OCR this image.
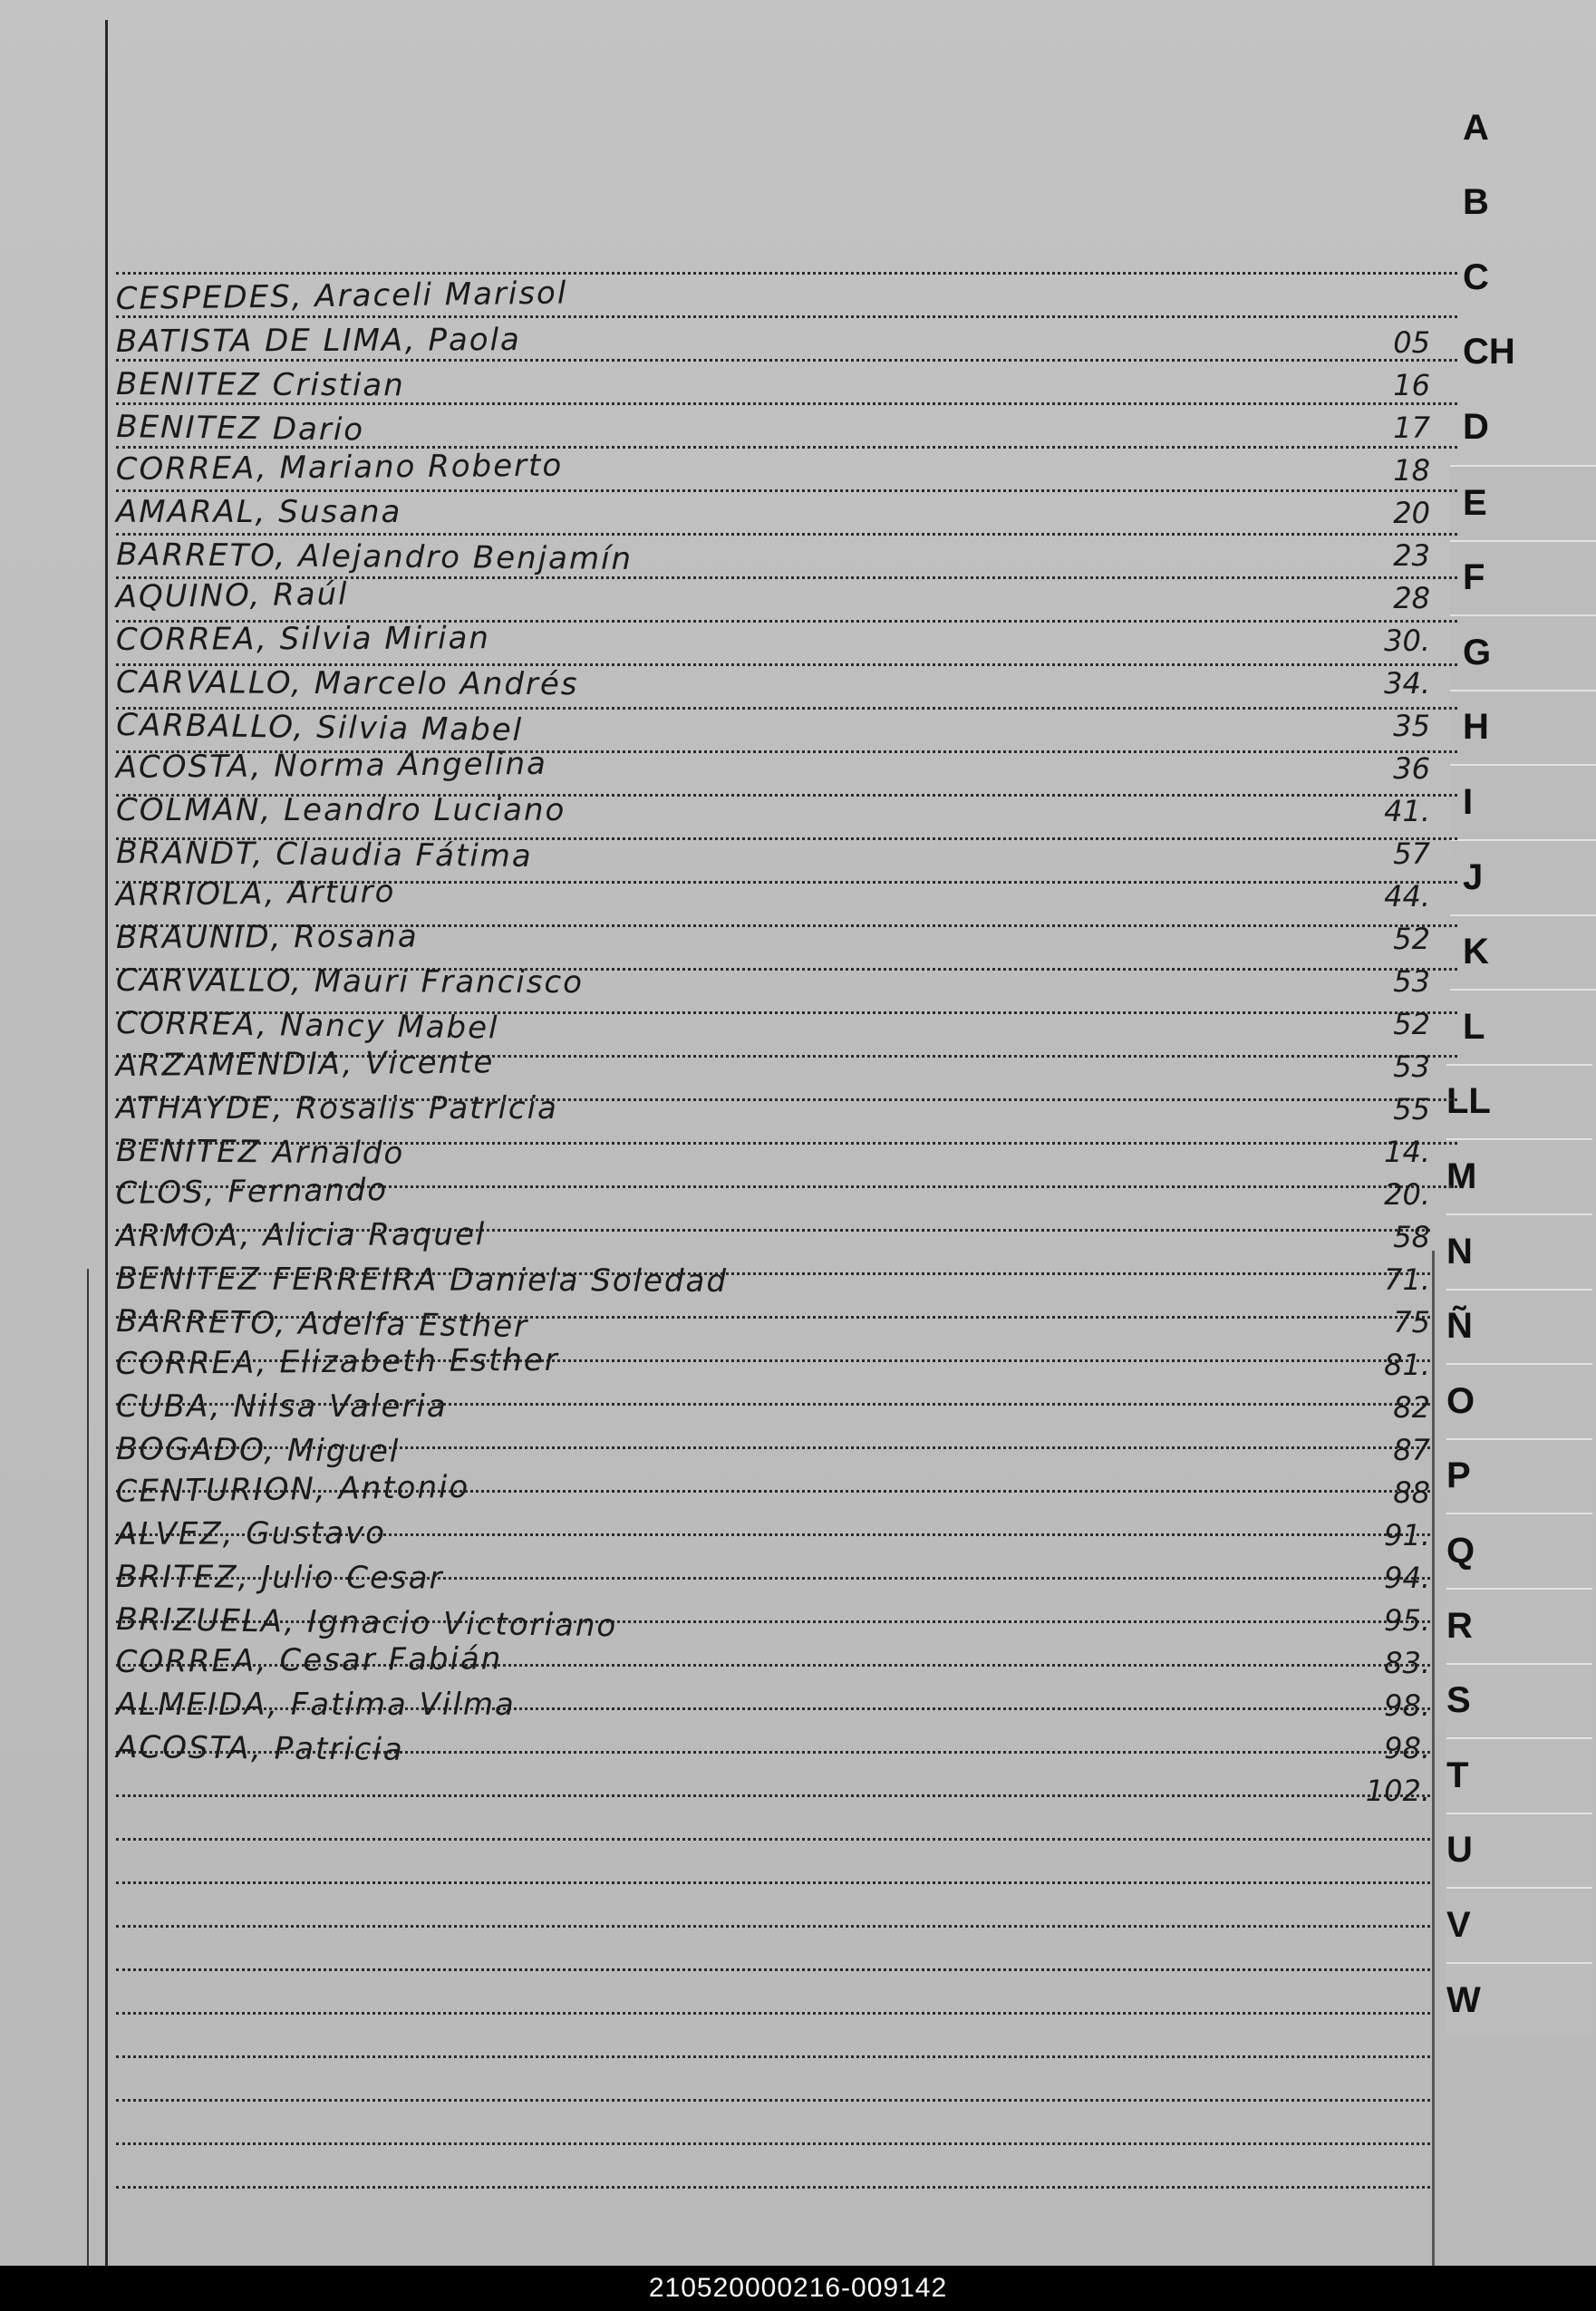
A
B
C
CH
D
E
F
G
H
I
J
K
L
LL
M
N
Ñ
O
P
Q
R
S
T
U
V
W
CESPEDES, Araceli Marisol
BATISTA DE LIMA, Paola	05
BENITEZ Cristian	16
BENITEZ Dario	17
CORREA, Mariano Roberto	18
AMARAL, Susana	20
BARRETO, Alejandro Benjamín	23
AQUINO, Raúl	28
CORREA, Silvia Mirian	30.
CARVALLO, Marcelo Andrés	34.
CARBALLO, Silvia Mabel	35
ACOSTA, Norma Angelina	36
COLMAN, Leandro Luciano	41.
BRANDT, Claudia Fátima	57
ARRIOLA, Arturo	44.
BRAUNID, Rosana	52
CARVALLO, Mauri Francisco	53
CORREA, Nancy Mabel	52
ARZAMENDIA, Vicente	53
ATHAYDE, Rosalis Patricia	55
BENITEZ Arnaldo	14.
CLOS, Fernando	20.
ARMOA, Alicia Raquel	58
BENITEZ FERREIRA Daniela Soledad	71.
BARRETO, Adelfa Esther	75
CORREA, Elizabeth Esther	81.
CUBA, Nilsa Valeria	82
BOGADO, Miguel	87
CENTURION, Antonio	88
ALVEZ, Gustavo	91.
BRITEZ, Julio Cesar	94.
BRIZUELA, Ignacio Victoriano	95.
CORREA, Cesar Fabián	83.
ALMEIDA, Fatima Vilma	98.
ACOSTA, Patricia	98.
102.
210520000216-009142
